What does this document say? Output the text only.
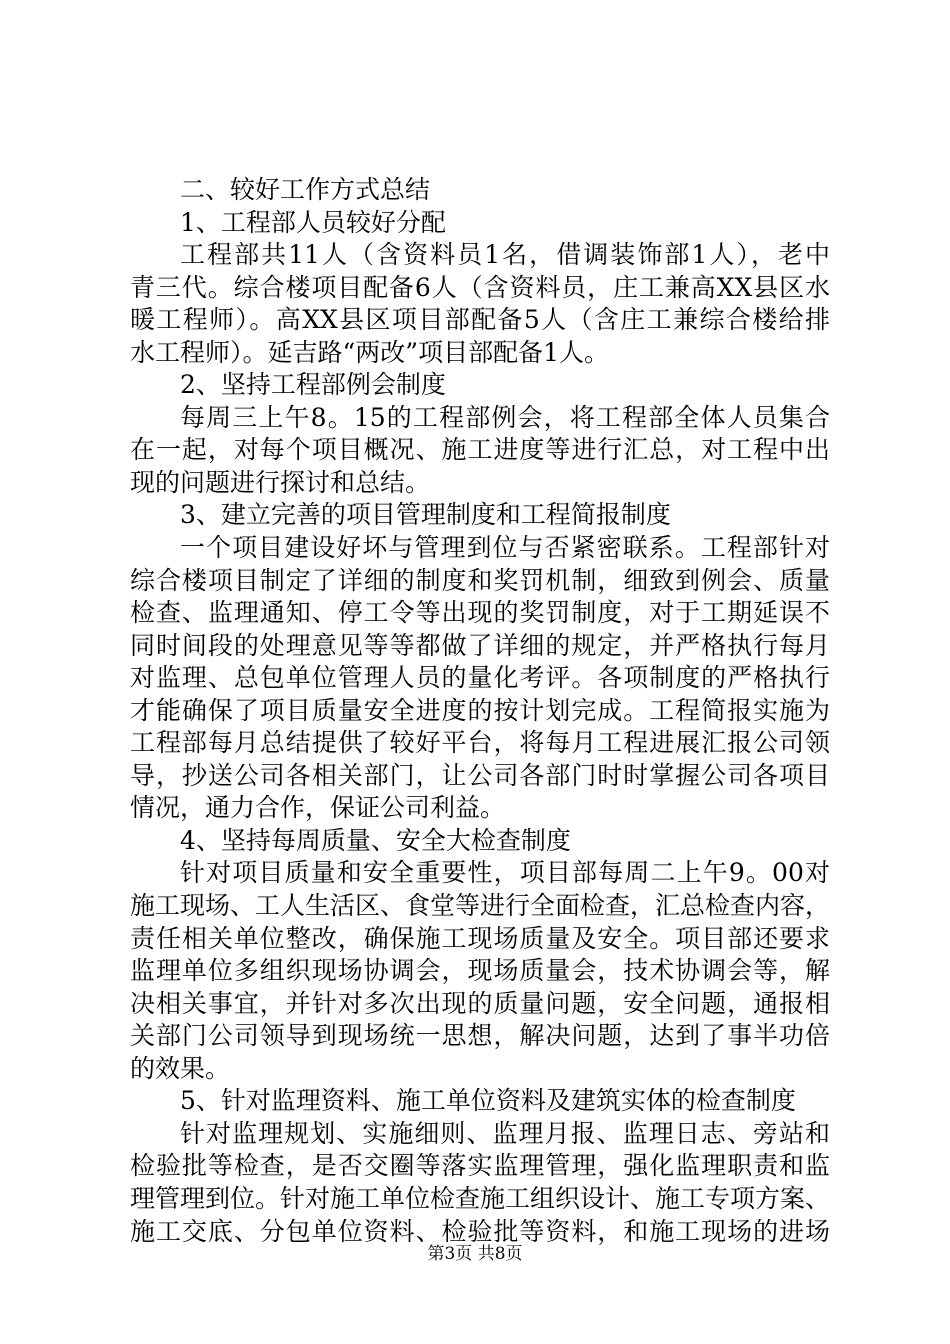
二、较好工作方式总结
1、工程部人员较好分配
工程部共11人（含资料员1名，借调装饰部1人），老中
青三代。综合楼项目配备6人（含资料员，庄工兼高XX县区水
暖工程师）。高XX县区项目部配备5人（含庄工兼综合楼给排
水工程师）。延吉路“两改”项目部配备1人。
2、坚持工程部例会制度
每周三上午8。15的工程部例会，将工程部全体人员集合
在一起，对每个项目概况、施工进度等进行汇总，对工程中出
现的问题进行探讨和总结。
3、建立完善的项目管理制度和工程简报制度
一个项目建设好坏与管理到位与否紧密联系。工程部针对
综合楼项目制定了详细的制度和奖罚机制，细致到例会、质量
检查、监理通知、停工令等出现的奖罚制度，对于工期延误不
同时间段的处理意见等等都做了详细的规定，并严格执行每月
对监理、总包单位管理人员的量化考评。各项制度的严格执行
才能确保了项目质量安全进度的按计划完成。工程简报实施为
工程部每月总结提供了较好平台，将每月工程进展汇报公司领
导，抄送公司各相关部门，让公司各部门时时掌握公司各项目
情况，通力合作，保证公司利益。
4、坚持每周质量、安全大检查制度
针对项目质量和安全重要性，项目部每周二上午9。00对
施工现场、工人生活区、食堂等进行全面检查，汇总检查内容，
责任相关单位整改，确保施工现场质量及安全。项目部还要求
监理单位多组织现场协调会，现场质量会，技术协调会等，解
决相关事宜，并针对多次出现的质量问题，安全问题，通报相
关部门公司领导到现场统一思想，解决问题，达到了事半功倍
的效果。
5、针对监理资料、施工单位资料及建筑实体的检查制度
针对监理规划、实施细则、监理月报、监理日志、旁站和
检验批等检查，是否交圈等落实监理管理，强化监理职责和监
理管理到位。针对施工单位检查施工组织设计、施工专项方案、
施工交底、分包单位资料、检验批等资料，和施工现场的进场
第3页 共8页
